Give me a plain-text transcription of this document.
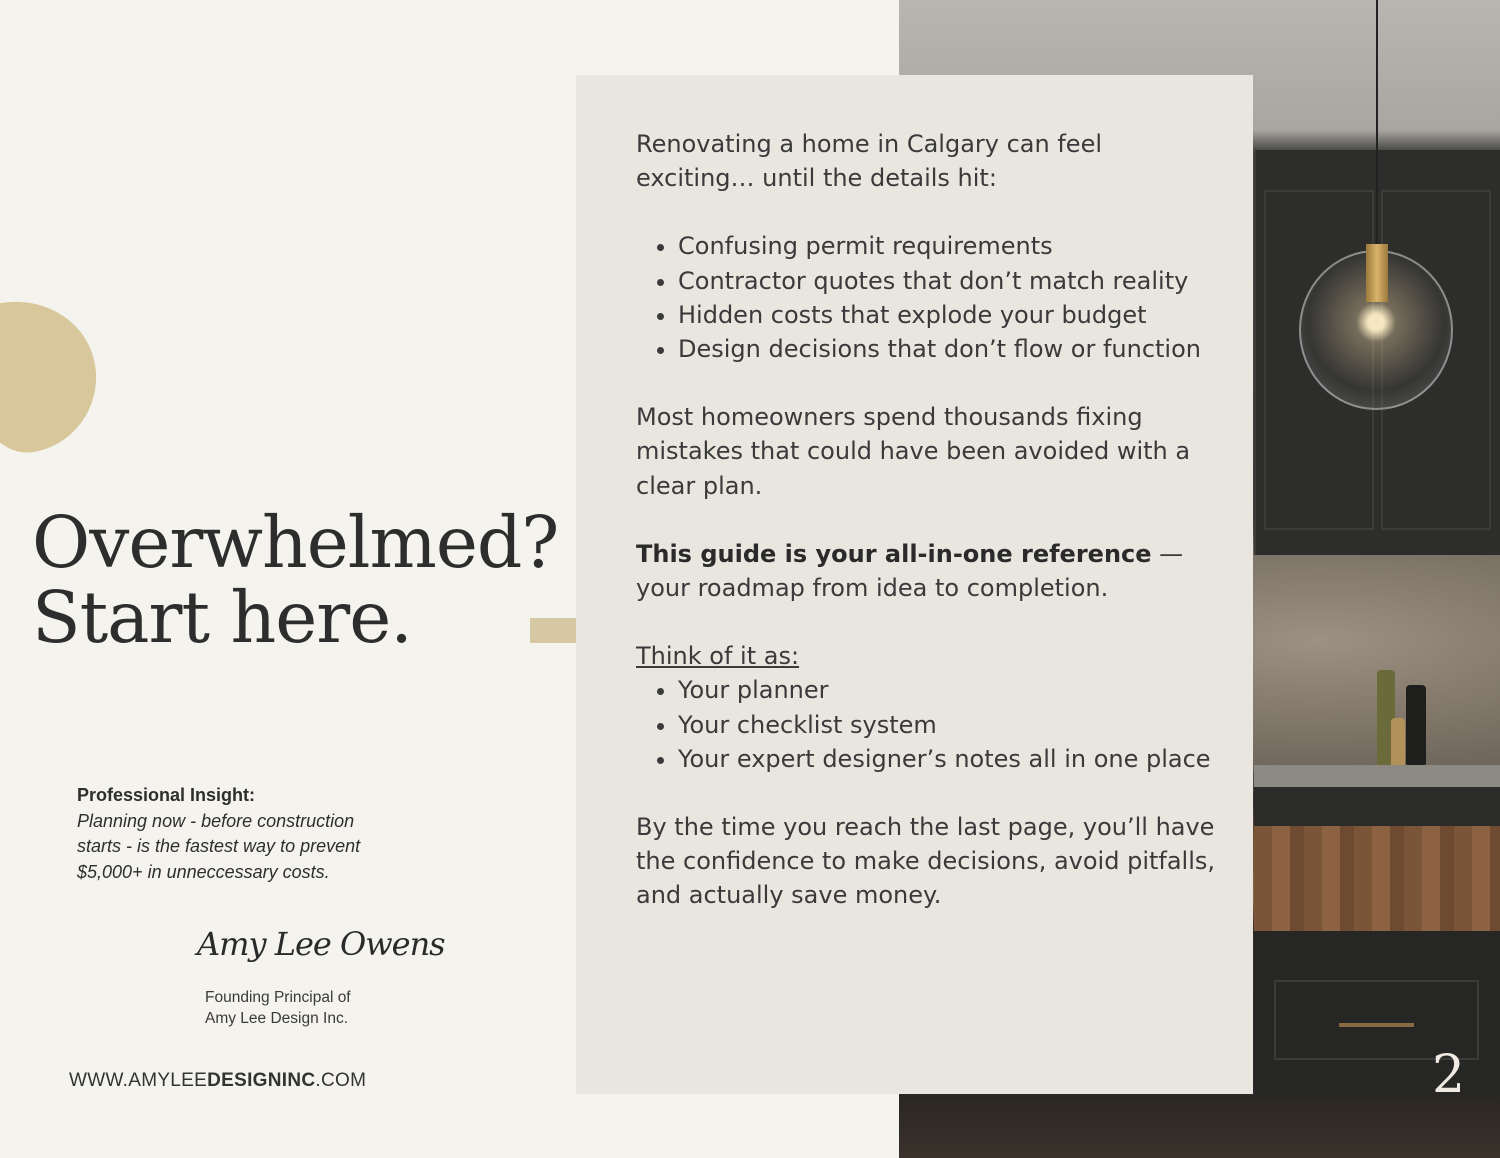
Overwhelmed?
Start here.

Renovating a home in Calgary can feel exciting… until the details hit:

• Confusing permit requirements
• Contractor quotes that don’t match reality
• Hidden costs that explode your budget
• Design decisions that don’t flow or function

Most homeowners spend thousands fixing mistakes that could have been avoided with a clear plan.

This guide is your all-in-one reference — your roadmap from idea to completion.

Think of it as:

• Your planner
• Your checklist system
• Your expert designer’s notes all in one place

By the time you reach the last page, you’ll have the confidence to make decisions, avoid pitfalls, and actually save money.

Professional Insight:
Planning now - before construction starts - is the fastest way to prevent $5,000+ in unneccessary costs.
Amy Lee Owens
Founding Principal of
Amy Lee Design Inc.
WWW.AMYLEEDESIGNINC.COM	2
